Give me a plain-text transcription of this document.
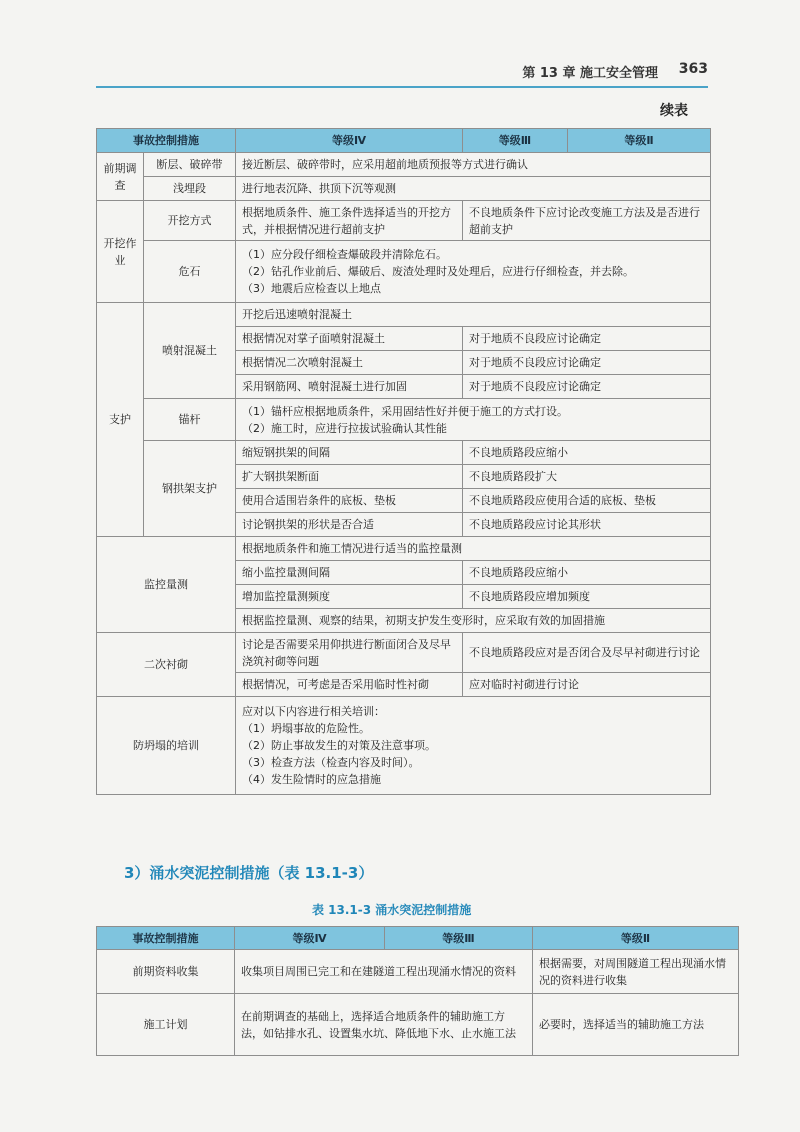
第 13 章 施工安全管理 363
续表
事故控制措施		等级Ⅳ	等级Ⅲ	等级Ⅱ
前期调查	断层、破碎带	接近断层、破碎带时，应采用超前地质预报等方式进行确认		
	浅埋段	进行地表沉降、拱顶下沉等观测		
开挖作业	开挖方式	根据地质条件、施工条件选择适当的开挖方式，并根据情况进行超前支护	不良地质条件下应讨论改变施工方法及是否进行超前支护	
	危石	（1）应分段仔细检查爆破段并清除危石。
（2）钻孔作业前后、爆破后、废渣处理时及处理后，应进行仔细检查，并去除。
（3）地震后应检查以上地点		

支护	喷射混凝土	开挖后迅速喷射混凝土		
		根据情况对掌子面喷射混凝土	对于地质不良段应讨论确定	
		根据情况二次喷射混凝土	对于地质不良段应讨论确定	
		采用钢筋网、喷射混凝土进行加固	对于地质不良段应讨论确定	
	锚杆	（1）锚杆应根据地质条件，采用固结性好并便于施工的方式打设。
（2）施工时，应进行拉拔试验确认其性能		

	钢拱架支护	缩短钢拱架的间隔	不良地质路段应缩小	
		扩大钢拱架断面	不良地质路段扩大	
		使用合适围岩条件的底板、垫板	不良地质路段应使用合适的底板、垫板	
		讨论钢拱架的形状是否合适	不良地质路段应讨论其形状	

监控量测		根据地质条件和施工情况进行适当的监控量测		
		缩小监控量测间隔	不良地质路段应缩小	
		增加监控量测频度	不良地质路段应增加频度	
		根据监控量测、观察的结果，初期支护发生变形时，应采取有效的加固措施		
二次衬砌		讨论是否需要采用仰拱进行断面闭合及尽早浇筑衬砌等问题	不良地质路段应对是否闭合及尽早衬砌进行讨论	
		根据情况，可考虑是否采用临时性衬砌	应对临时衬砌进行讨论	
防坍塌的培训		应对以下内容进行相关培训：
（1）坍塌事故的危险性。
（2）防止事故发生的对策及注意事项。
（3）检查方法（检查内容及时间）。
（4）发生险情时的应急措施		
3）涌水突泥控制措施（表 13.1-3）
表 13.1-3 涌水突泥控制措施
事故控制措施	等级Ⅳ	等级Ⅲ	等级Ⅱ
前期资料收集	收集项目周围已完工和在建隧道工程出现涌水情况的资料		根据需要，对周围隧道工程出现涌水情况的资料进行收集
施工计划	在前期调查的基础上，选择适合地质条件的辅助施工方法，如钻排水孔、设置集水坑、降低地下水、止水施工法		必要时，选择适当的辅助施工方法
